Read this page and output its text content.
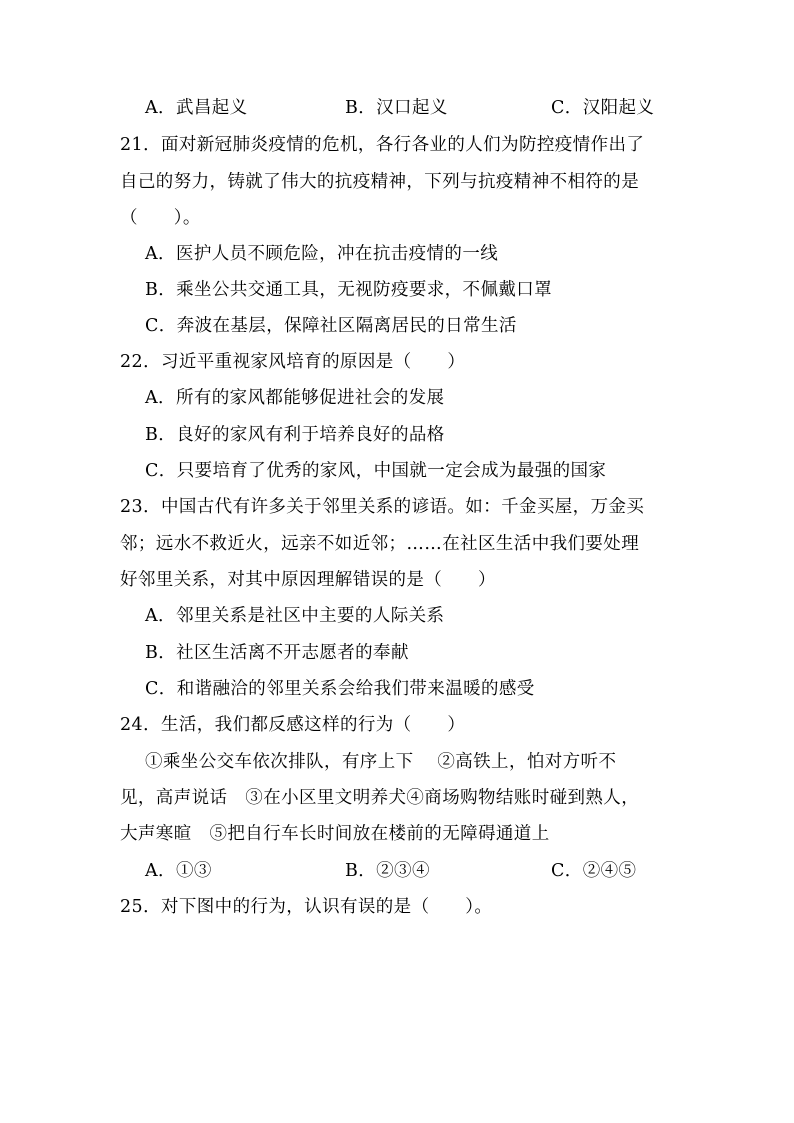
A．武昌起义	B．汉口起义	C．汉阳起义
21．面对新冠肺炎疫情的危机，各行各业的人们为防控疫情作出了
自己的努力，铸就了伟大的抗疫精神，下列与抗疫精神不相符的是
（　　）。
A．医护人员不顾危险，冲在抗击疫情的一线
B．乘坐公共交通工具，无视防疫要求，不佩戴口罩
C．奔波在基层，保障社区隔离居民的日常生活
22．习近平重视家风培育的原因是（　　）
A．所有的家风都能够促进社会的发展
B．良好的家风有利于培养良好的品格
C．只要培育了优秀的家风，中国就一定会成为最强的国家
23．中国古代有许多关于邻里关系的谚语。如：千金买屋，万金买
邻；远水不救近火，远亲不如近邻；……在社区生活中我们要处理
好邻里关系，对其中原因理解错误的是（　　）
A．邻里关系是社区中主要的人际关系
B．社区生活离不开志愿者的奉献
C．和谐融洽的邻里关系会给我们带来温暖的感受
24．生活，我们都反感这样的行为（　　）
①乘坐公交车依次排队，有序上下　 ②高铁上，怕对方听不
见，高声说话　③在小区里文明养犬④商场购物结账时碰到熟人，
大声寒暄　⑤把自行车长时间放在楼前的无障碍通道上
A．①③	B．②③④	C．②④⑤
25．对下图中的行为，认识有误的是（　　）。
